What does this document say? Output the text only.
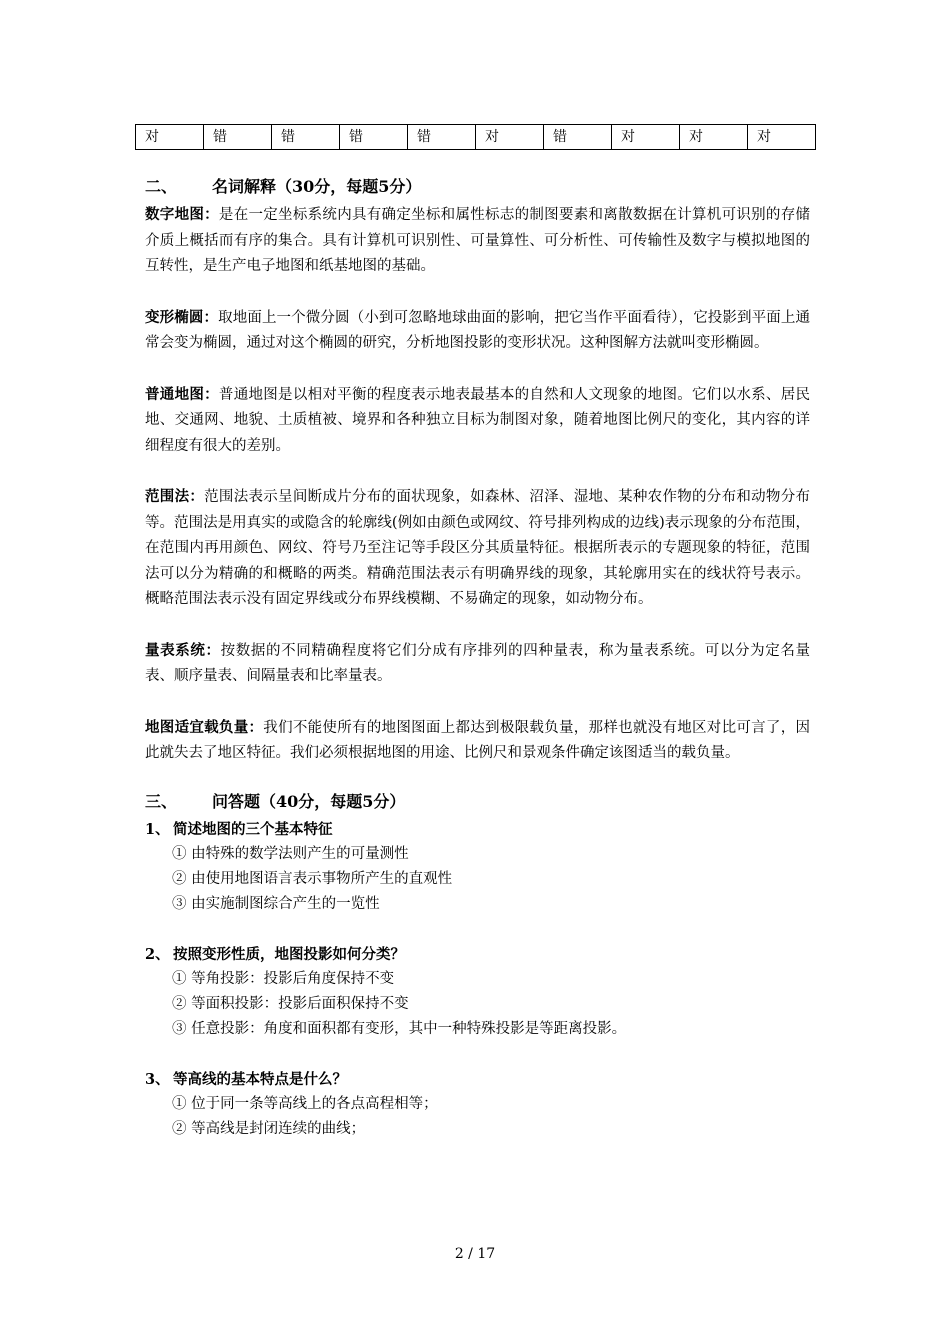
对	错	错	错	错	对	错	对	对	对
二、 名词解释（30分，每题5分）

数字地图：是在一定坐标系统内具有确定坐标和属性标志的制图要素和离散数据在计算机可识别的存储介质上概括而有序的集合。具有计算机可识别性、可量算性、可分析性、可传输性及数字与模拟地图的互转性，是生产电子地图和纸基地图的基础。

变形椭圆：取地面上一个微分圆（小到可忽略地球曲面的影响，把它当作平面看待），它投影到平面上通常会变为椭圆，通过对这个椭圆的研究，分析地图投影的变形状况。这种图解方法就叫变形椭圆。

普通地图：普通地图是以相对平衡的程度表示地表最基本的自然和人文现象的地图。它们以水系、居民地、交通网、地貌、土质植被、境界和各种独立目标为制图对象，随着地图比例尺的变化，其内容的详细程度有很大的差别。

范围法：范围法表示呈间断成片分布的面状现象，如森林、沼泽、湿地、某种农作物的分布和动物分布等。范围法是用真实的或隐含的轮廓线(例如由颜色或网纹、符号排列构成的边线)表示现象的分布范围，在范围内再用颜色、网纹、符号乃至注记等手段区分其质量特征。根据所表示的专题现象的特征，范围法可以分为精确的和概略的两类。精确范围法表示有明确界线的现象，其轮廓用实在的线状符号表示。概略范围法表示没有固定界线或分布界线模糊、不易确定的现象，如动物分布。

量表系统：按数据的不同精确程度将它们分成有序排列的四种量表，称为量表系统。可以分为定名量表、顺序量表、间隔量表和比率量表。

地图适宜载负量：我们不能使所有的地图图面上都达到极限载负量，那样也就没有地区对比可言了，因此就失去了地区特征。我们必须根据地图的用途、比例尺和景观条件确定该图适当的载负量。

三、 问答题（40分，每题5分）
1、 简述地图的三个基本特征
① 由特殊的数学法则产生的可量测性
② 由使用地图语言表示事物所产生的直观性
③ 由实施制图综合产生的一览性
2、 按照变形性质，地图投影如何分类？
① 等角投影：投影后角度保持不变
② 等面积投影：投影后面积保持不变
③ 任意投影：角度和面积都有变形，其中一种特殊投影是等距离投影。
3、 等高线的基本特点是什么？
① 位于同一条等高线上的各点高程相等；
② 等高线是封闭连续的曲线；
2 / 17
